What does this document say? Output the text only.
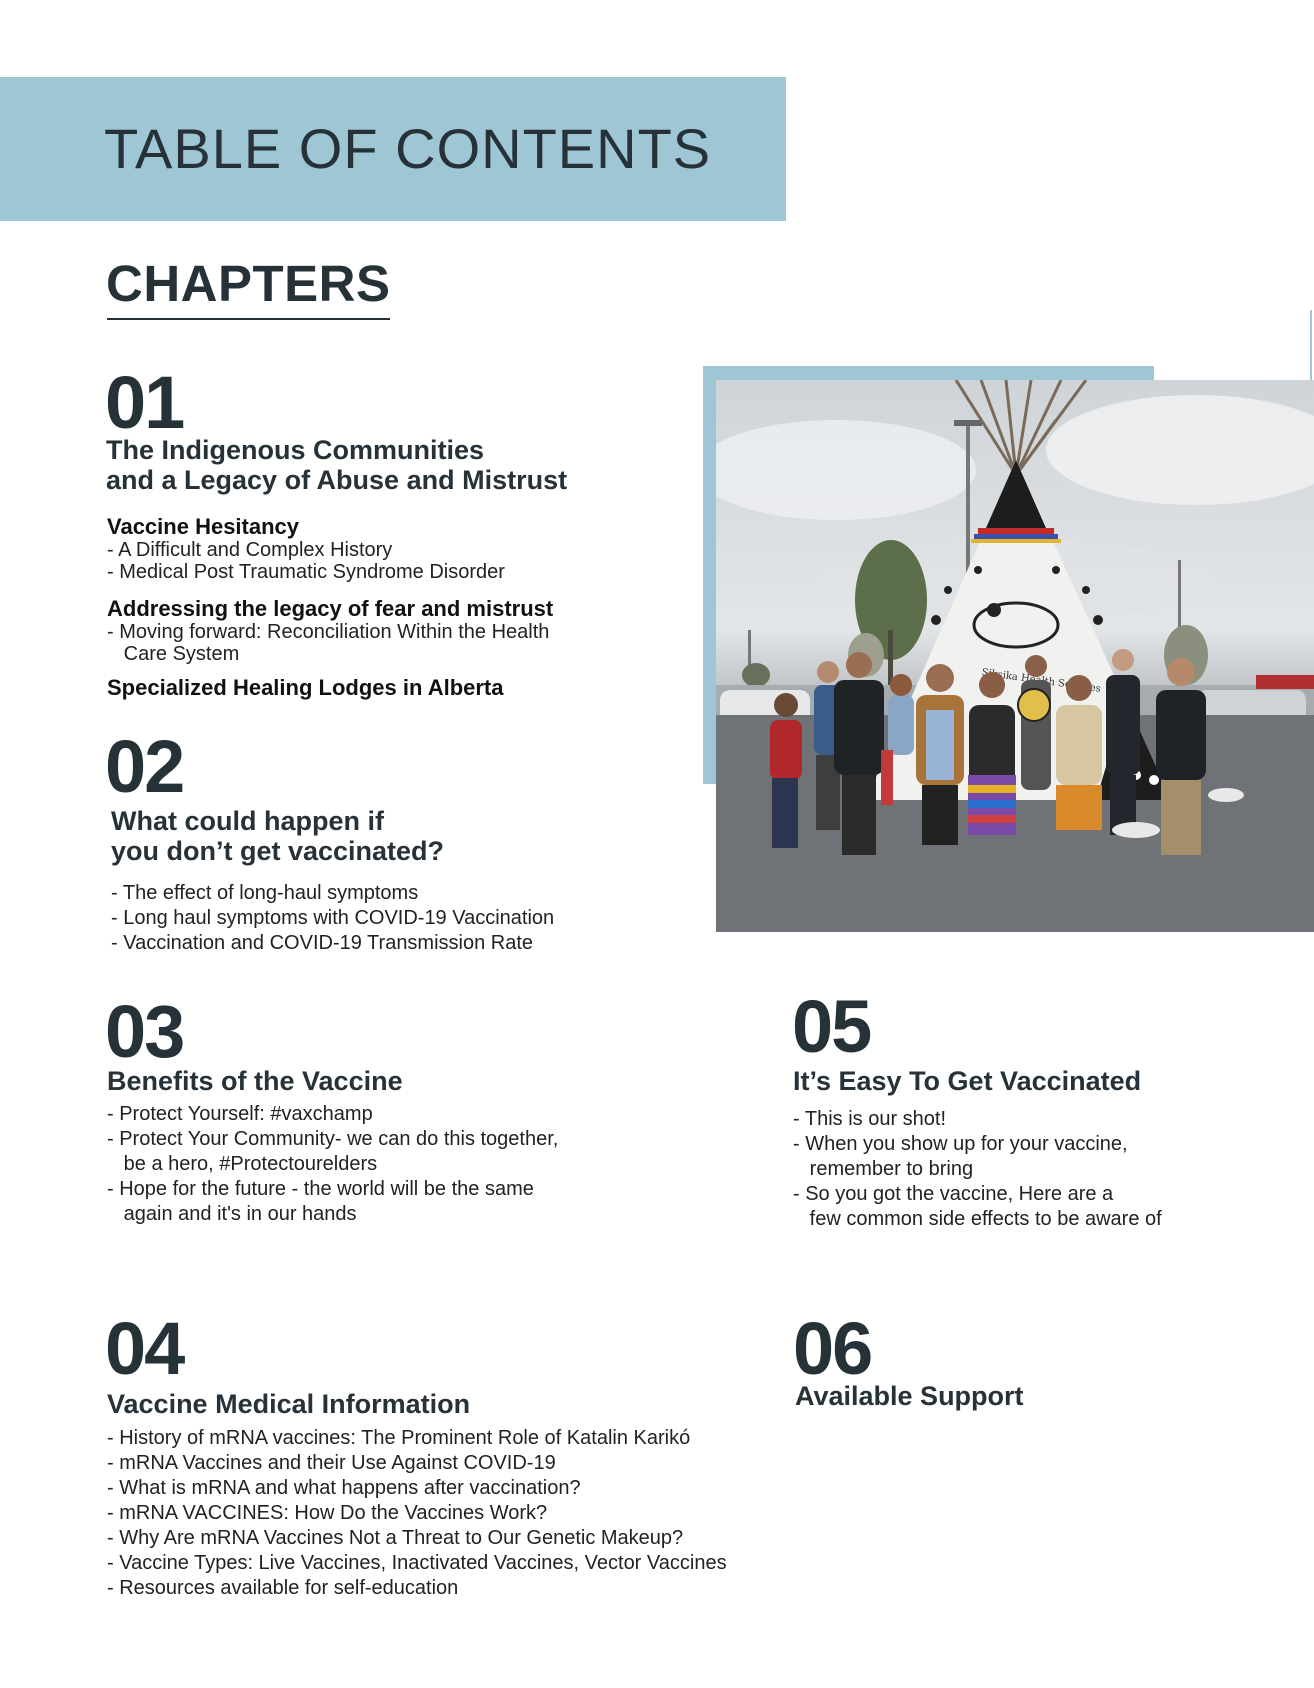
TABLE OF CONTENTS
CHAPTERS
01
The Indigenous Communities
and a Legacy of Abuse and Mistrust
Vaccine Hesitancy
- A Difficult and Complex History
- Medical Post Traumatic Syndrome Disorder
Addressing the legacy of fear and mistrust
- Moving forward: Reconciliation Within the Health
Care System
Specialized Healing Lodges in Alberta
02
What could happen if
you don’t get vaccinated?
- The effect of long-haul symptoms
- Long haul symptoms with COVID-19 Vaccination
- Vaccination and COVID-19 Transmission Rate
03
Benefits of the Vaccine
- Protect Yourself: #vaxchamp
- Protect Your Community- we can do this together,
be a hero, #Protectourelders
- Hope for the future - the world will be the same
again and it's in our hands
04
Vaccine Medical Information
- History of mRNA vaccines: The Prominent Role of Katalin Karikó
- mRNA Vaccines and their Use Against COVID-19
- What is mRNA and what happens after vaccination?
- mRNA VACCINES: How Do the Vaccines Work?
- Why Are mRNA Vaccines Not a Threat to Our Genetic Makeup?
- Vaccine Types: Live Vaccines, Inactivated Vaccines, Vector Vaccines
- Resources available for self-education
05
It’s Easy To Get Vaccinated
- This is our shot!
- When you show up for your vaccine,
remember to bring
- So you got the vaccine, Here are a
few common side effects to be aware of
06
Available Support
